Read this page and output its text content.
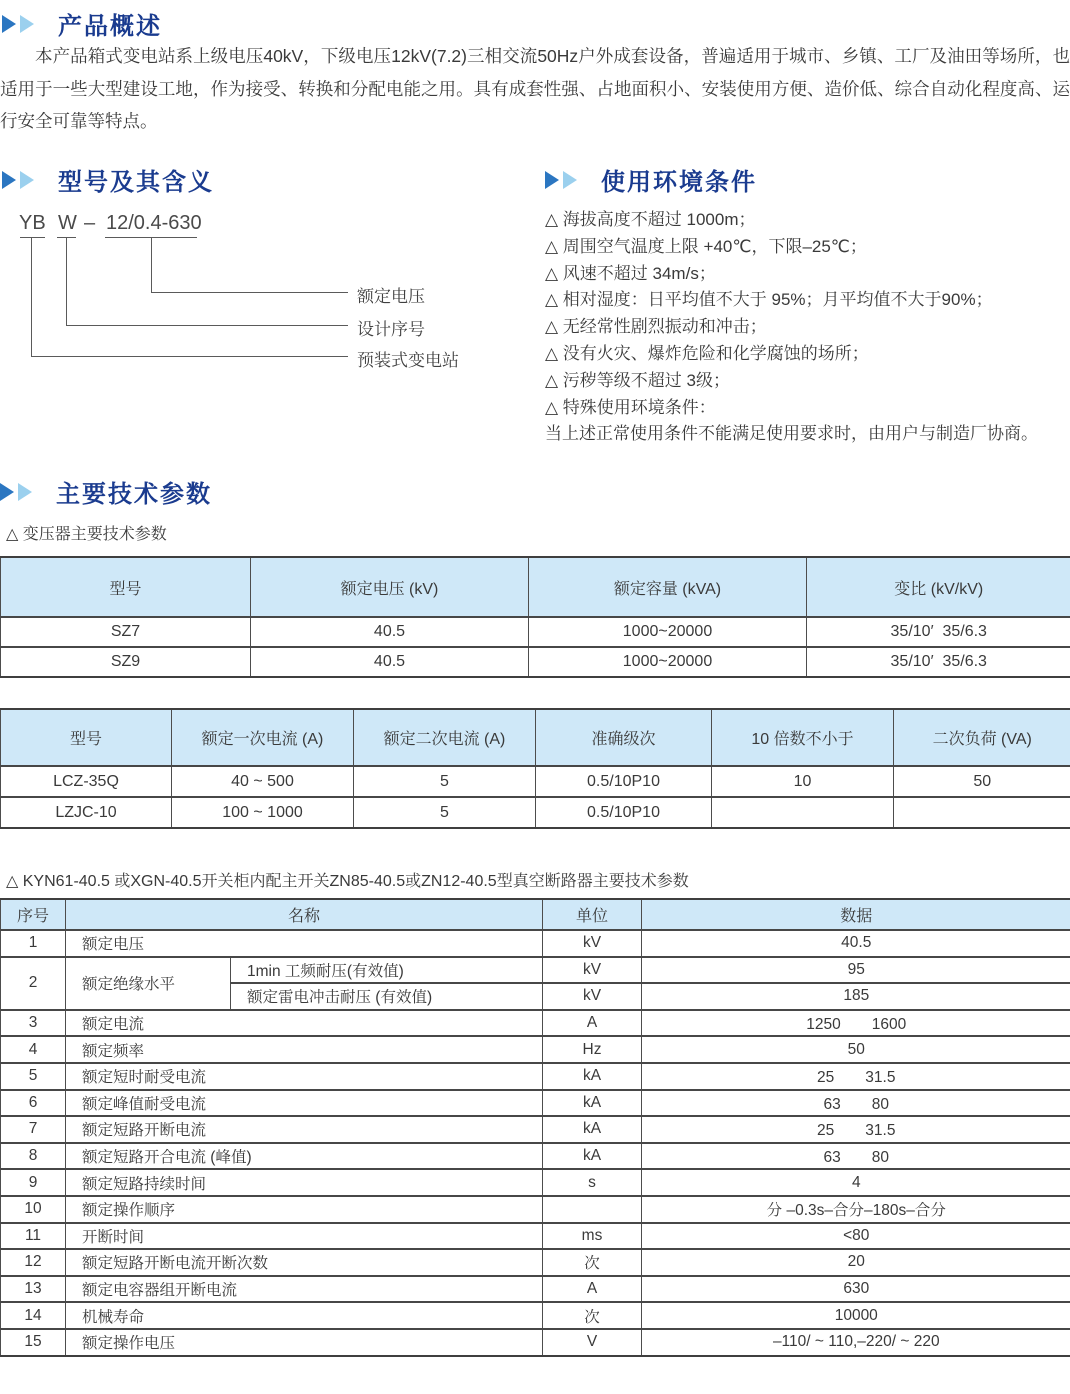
产品概述
本产品箱式变电站系上级电压40kV，下级电压12kV(7.2)三相交流50Hz户外成套设备，普遍适用于城市、乡镇、工厂及油田等场所，也适用于一些大型建设工地，作为接受、转换和分配电能之用。具有成套性强、占地面积小、安装使用方便、造价低、综合自动化程度高、运行安全可靠等特点。
型号及其含义
YB W – 12/0.4-630
额定电压
设计序号
预装式变电站
使用环境条件
△ 海拔高度不超过 1000m；
△ 周围空气温度上限 +40℃，下限–25℃；
△ 风速不超过 34m/s；
△ 相对湿度：日平均值不大于 95%；月平均值不大于90%；
△ 无经常性剧烈振动和冲击；
△ 没有火灾、爆炸危险和化学腐蚀的场所；
△ 污秽等级不超过 3级；
△ 特殊使用环境条件：
当上述正常使用条件不能满足使用要求时，由用户与制造厂协商。
主要技术参数
△ 变压器主要技术参数
型号	额定电压 (kV)	额定容量 (kVA)	变比 (kV/kV)
SZ7	40.5	1000~20000	35/10′  35/6.3
SZ9	40.5	1000~20000	35/10′  35/6.3
型号	额定一次电流 (A)	额定二次电流 (A)	准确级次	10 倍数不小于	二次负荷 (VA)
LCZ-35Q	40 ~ 500	5	0.5/10P10	10	50
LZJC-10	100 ~ 1000	5	0.5/10P10		
△ KYN61-40.5 或XGN-40.5开关柜内配主开关ZN85-40.5或ZN12-40.5型真空断路器主要技术参数
序号	名称		单位	数据
1	额定电压		kV	40.5
2	额定绝缘水平	1min 工频耐压(有效值)	kV	95
		额定雷电冲击耐压 (有效值)	kV	185
3	额定电流		A	1250　　1600
4	额定频率		Hz	50
5	额定短时耐受电流		kA	25　　31.5
6	额定峰值耐受电流		kA	63　　80
7	额定短路开断电流		kA	25　　31.5
8	额定短路开合电流 (峰值)		kA	63　　80
9	额定短路持续时间		s	4
10	额定操作顺序			分 –0.3s–合分–180s–合分
11	开断时间		ms	<80
12	额定短路开断电流开断次数		次	20
13	额定电容器组开断电流		A	630
14	机械寿命		次	10000
15	额定操作电压		V	–110/ ~ 110,–220/ ~ 220
